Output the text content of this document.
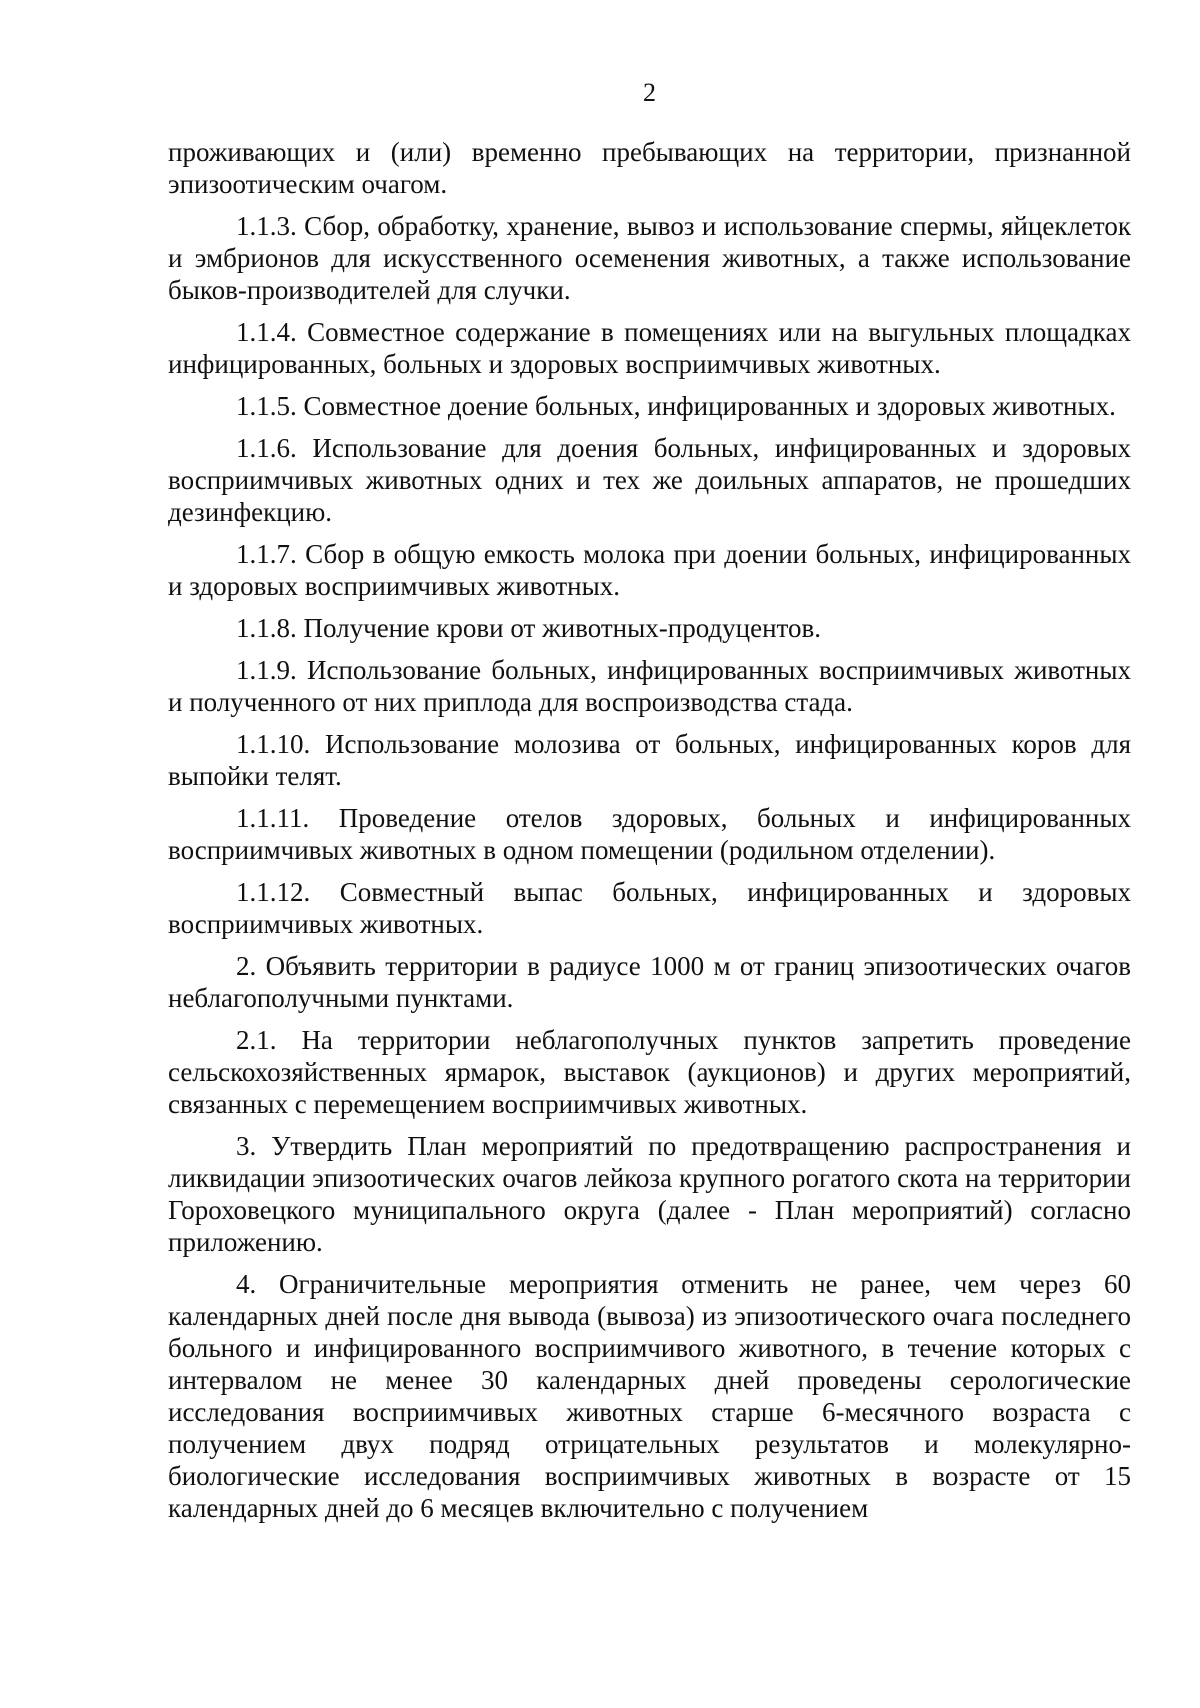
2

проживающих и (или) временно пребывающих на территории, признанной эпизоотическим очагом.

1.1.3. Сбор, обработку, хранение, вывоз и использование спермы, яйцеклеток и эмбрионов для искусственного осеменения животных, а также использование быков-производителей для случки.

1.1.4. Совместное содержание в помещениях или на выгульных площадках инфицированных, больных и здоровых восприимчивых животных.

1.1.5. Совместное доение больных, инфицированных и здоровых животных.

1.1.6. Использование для доения больных, инфицированных и здоровых восприимчивых животных одних и тех же доильных аппаратов, не прошедших дезинфекцию.

1.1.7. Сбор в общую емкость молока при доении больных, инфицированных и здоровых восприимчивых животных.

1.1.8. Получение крови от животных-продуцентов.

1.1.9. Использование больных, инфицированных восприимчивых животных и полученного от них приплода для воспроизводства стада.

1.1.10. Использование молозива от больных, инфицированных коров для выпойки телят.

1.1.11. Проведение отелов здоровых, больных и инфицированных восприимчивых животных в одном помещении (родильном отделении).

1.1.12. Совместный выпас больных, инфицированных и здоровых восприимчивых животных.

2. Объявить территории в радиусе 1000 м от границ эпизоотических очагов неблагополучными пунктами.

2.1. На территории неблагополучных пунктов запретить проведение сельскохозяйственных ярмарок, выставок (аукционов) и других мероприятий, связанных с перемещением восприимчивых животных.

3. Утвердить План мероприятий по предотвращению распространения и ликвидации эпизоотических очагов лейкоза крупного рогатого скота на территории Гороховецкого муниципального округа (далее - План мероприятий) согласно приложению.

4. Ограничительные мероприятия отменить не ранее, чем через 60 календарных дней после дня вывода (вывоза) из эпизоотического очага последнего больного и инфицированного восприимчивого животного, в течение которых с интервалом не менее 30 календарных дней проведены серологические исследования восприимчивых животных старше 6-месячного возраста с получением двух подряд отрицательных результатов и молекулярно-биологические исследования восприимчивых животных в возрасте от 15 календарных дней до 6 месяцев включительно с получением
